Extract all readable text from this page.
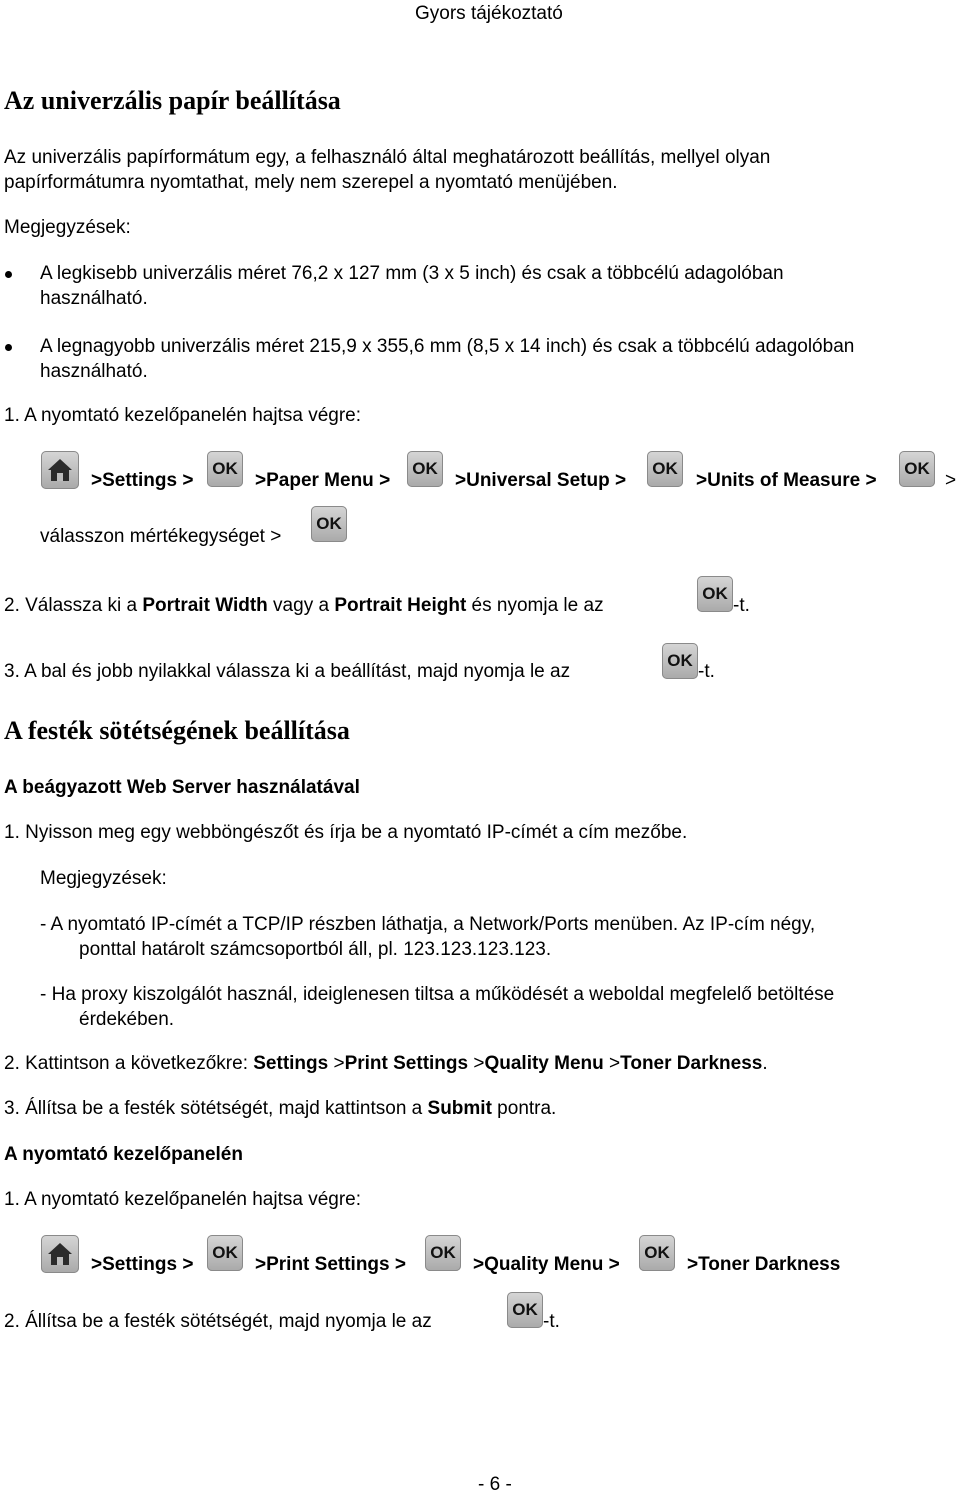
Gyors tájékoztató
Az univerzális papír beállítása
Az univerzális papírformátum egy, a felhasználó által meghatározott beállítás, mellyel olyan
papírformátumra nyomtathat, mely nem szerepel a nyomtató menüjében.
Megjegyzések:
A legkisebb univerzális méret 76,2 x 127 mm (3 x 5 inch) és csak a többcélú adagolóban
használható.
A legnagyobb univerzális méret 215,9 x 355,6 mm (8,5 x 14 inch) és csak a többcélú adagolóban
használható.
1. A nyomtató kezelőpanelén hajtsa végre:
>Settings >
OK
>Paper Menu >
OK
>Universal Setup >
OK
>Units of Measure >
OK
>
válasszon mértékegységet >
OK
2. Válassza ki a Portrait Width vagy a Portrait Height és nyomja le az
OK
-t.
3. A bal és jobb nyilakkal válassza ki a beállítást, majd nyomja le az
OK
-t.
A festék sötétségének beállítása
A beágyazott Web Server használatával
1. Nyisson meg egy webböngészőt és írja be a nyomtató IP-címét a cím mezőbe.
Megjegyzések:
- A nyomtató IP-címét a TCP/IP részben láthatja, a Network/Ports menüben. Az IP-cím négy,
ponttal határolt számcsoportból áll, pl. 123.123.123.123.
- Ha proxy kiszolgálót használ, ideiglenesen tiltsa a működését a weboldal megfelelő betöltése
érdekében.
2. Kattintson a következőkre: Settings >Print Settings >Quality Menu >Toner Darkness.
3. Állítsa be a festék sötétségét, majd kattintson a Submit pontra.
A nyomtató kezelőpanelén
1. A nyomtató kezelőpanelén hajtsa végre:
>Settings >
OK
>Print Settings >
OK
>Quality Menu >
OK
>Toner Darkness
2. Állítsa be a festék sötétségét, majd nyomja le az
OK
-t.
- 6 -
